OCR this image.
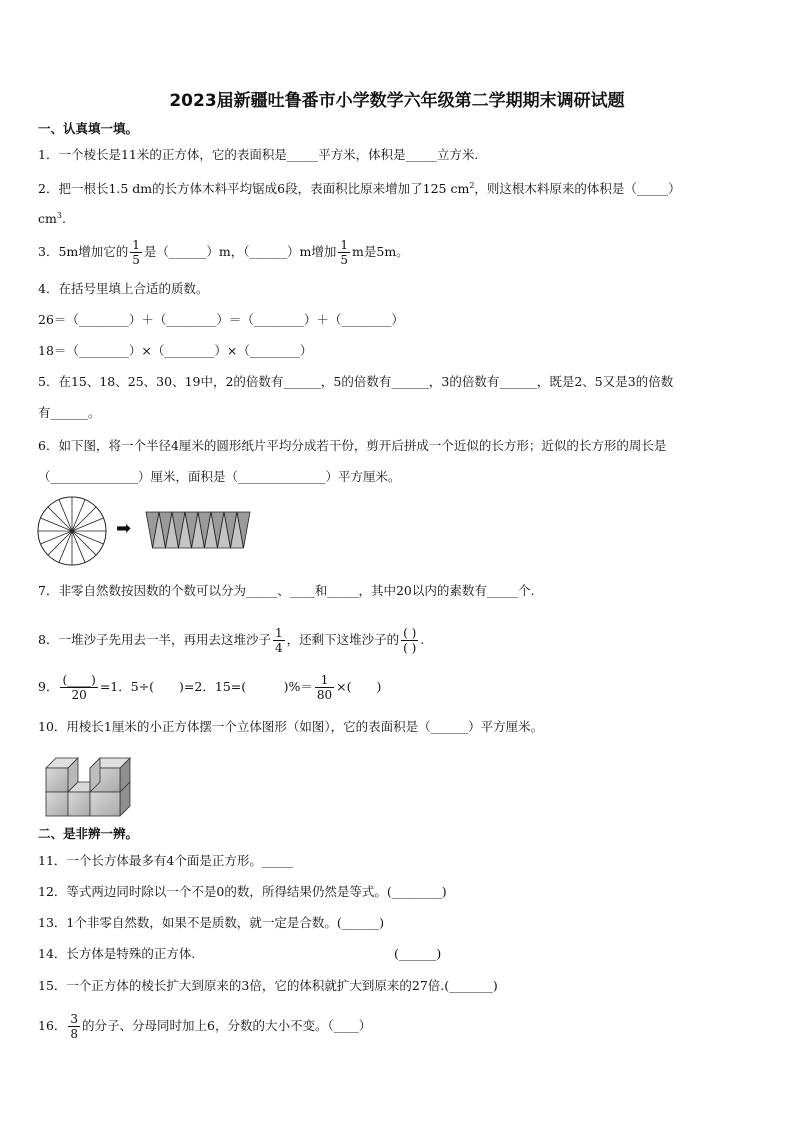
2023届新疆吐鲁番市小学数学六年级第二学期期末调研试题
一、认真填一填。
1．一个棱长是11米的正方体，它的表面积是_____平方米，体积是_____立方米.
2．把一根长1.5 dm的长方体木料平均锯成6段，表面积比原来增加了125 $cm^2$，则这根木料原来的体积是（_____）
$cm^3$.
3．5m增加它的 $\frac{1}{5}$ 是（______）m，（______）m增加 $\frac{1}{5}$ m是5m。
4．在括号里填上合适的质数。
26＝（________）＋（________）＝（________）＋（________）
18＝（________）×（________）×（________）
5．在15、18、25、30、19中，2的倍数有______，5的倍数有______，3的倍数有______，既是2、5又是3的倍数
有______。
6．如下图，将一个半径4厘米的圆形纸片平均分成若干份，剪开后拼成一个近似的长方形；近似的长方形的周长是
（______________）厘米，面积是（______________）平方厘米。
➡
7．非零自然数按因数的个数可以分为_____、____和_____，其中20以内的素数有_____个.
8．一堆沙子先用去一半，再用去这堆沙子 $\frac{1}{4}$ ，还剩下这堆沙子的 $\frac{( )}{( )}$ .
9． $\frac{(\_\_\_\_)}{20} =1$．5÷(　　)=2．15=(　　　)%＝ $\frac{1}{80}$ ×(　　)
10．用棱长1厘米的小正方体摆一个立体图形（如图），它的表面积是（______）平方厘米。
二、是非辨一辨。
11．一个长方体最多有4个面是正方形。_____
12．等式两边同时除以一个不是0的数，所得结果仍然是等式。(________)
13．1个非零自然数，如果不是质数，就一定是合数。(______)
14．长方体是特殊的正方体.	(______)
15．一个正方体的棱长扩大到原来的3倍，它的体积就扩大到原来的27倍.(_______)
16． $\frac{3}{8}$ 的分子、分母同时加上6，分数的大小不变。（____）
